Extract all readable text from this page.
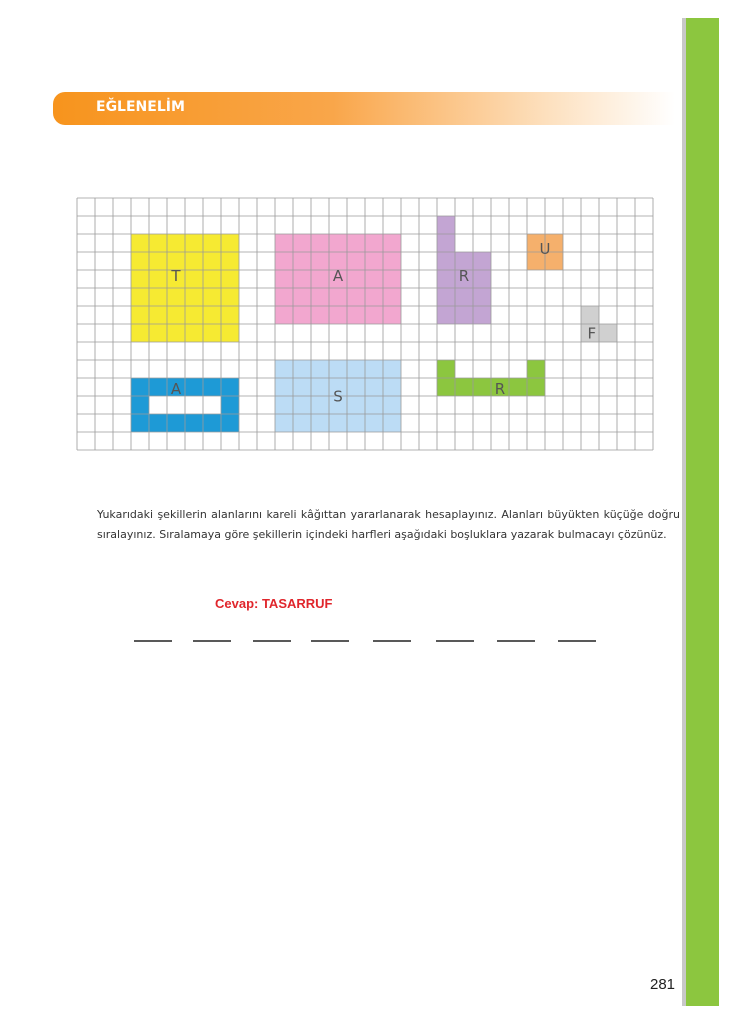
EĞLENELİM
T	A	R
U
F
A	S	R

Yukarıdaki şekillerin alanlarını kareli kâğıttan yararlanarak hesaplayınız. Alanları büyükten küçüğe doğru sıralayınız. Sıralamaya göre şekillerin içindeki harfleri aşağıdaki boşluklara yazarak bulmacayı çözünüz.

Cevap: TASARRUF
281
